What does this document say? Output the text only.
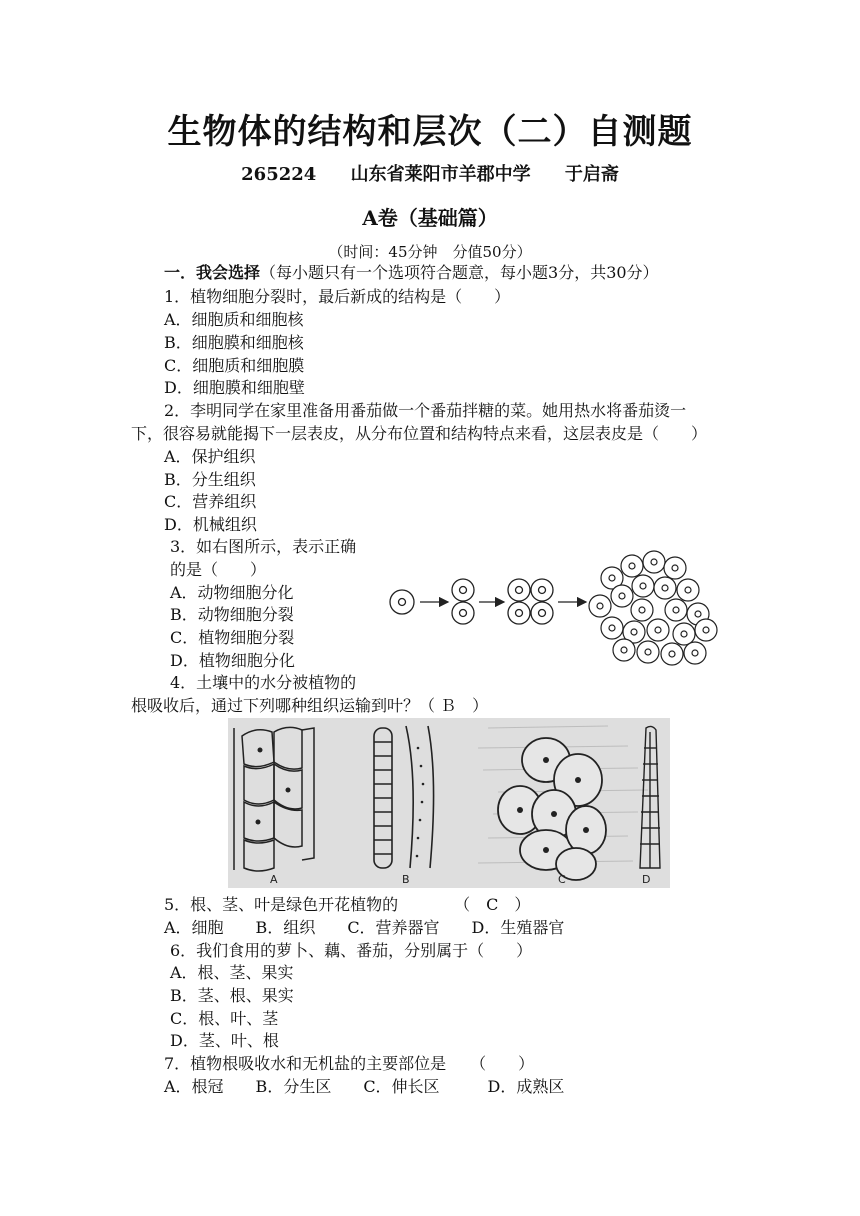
生物体的结构和层次（二）自测题
265224 山东省莱阳市羊郡中学 于启斋
A卷（基础篇）
（时间：45分钟　分值50分）
一．我会选择（每小题只有一个选项符合题意，每小题3分，共30分）
1．植物细胞分裂时，最后新成的结构是（　　）
A．细胞质和细胞核
B．细胞膜和细胞核
C．细胞质和细胞膜
D．细胞膜和细胞壁
2．李明同学在家里准备用番茄做一个番茄拌糖的菜。她用热水将番茄烫一
下，很容易就能揭下一层表皮，从分布位置和结构特点来看，这层表皮是（　　）
A．保护组织
B．分生组织
C．营养组织
D．机械组织
3．如右图所示，表示正确
的是（　　）
A．动物细胞分化
B．动物细胞分裂
C．植物细胞分裂
D．植物细胞分化
4．土壤中的水分被植物的
根吸收后，通过下列哪种组织运输到叶？（ Ｂ　）
A	B	C	D
5．根、茎、叶是绿色开花植物的　　　　（　C　）
A．细胞　　B．组织　　C．营养器官　　D．生殖器官
6．我们食用的萝卜、藕、番茄，分别属于（　　）
A．根、茎、果实
B．茎、根、果实
C．根、叶、茎
D．茎、叶、根
7．植物根吸收水和无机盐的主要部位是　　（　　）
A．根冠　　B．分生区　　C．伸长区　　　D．成熟区
